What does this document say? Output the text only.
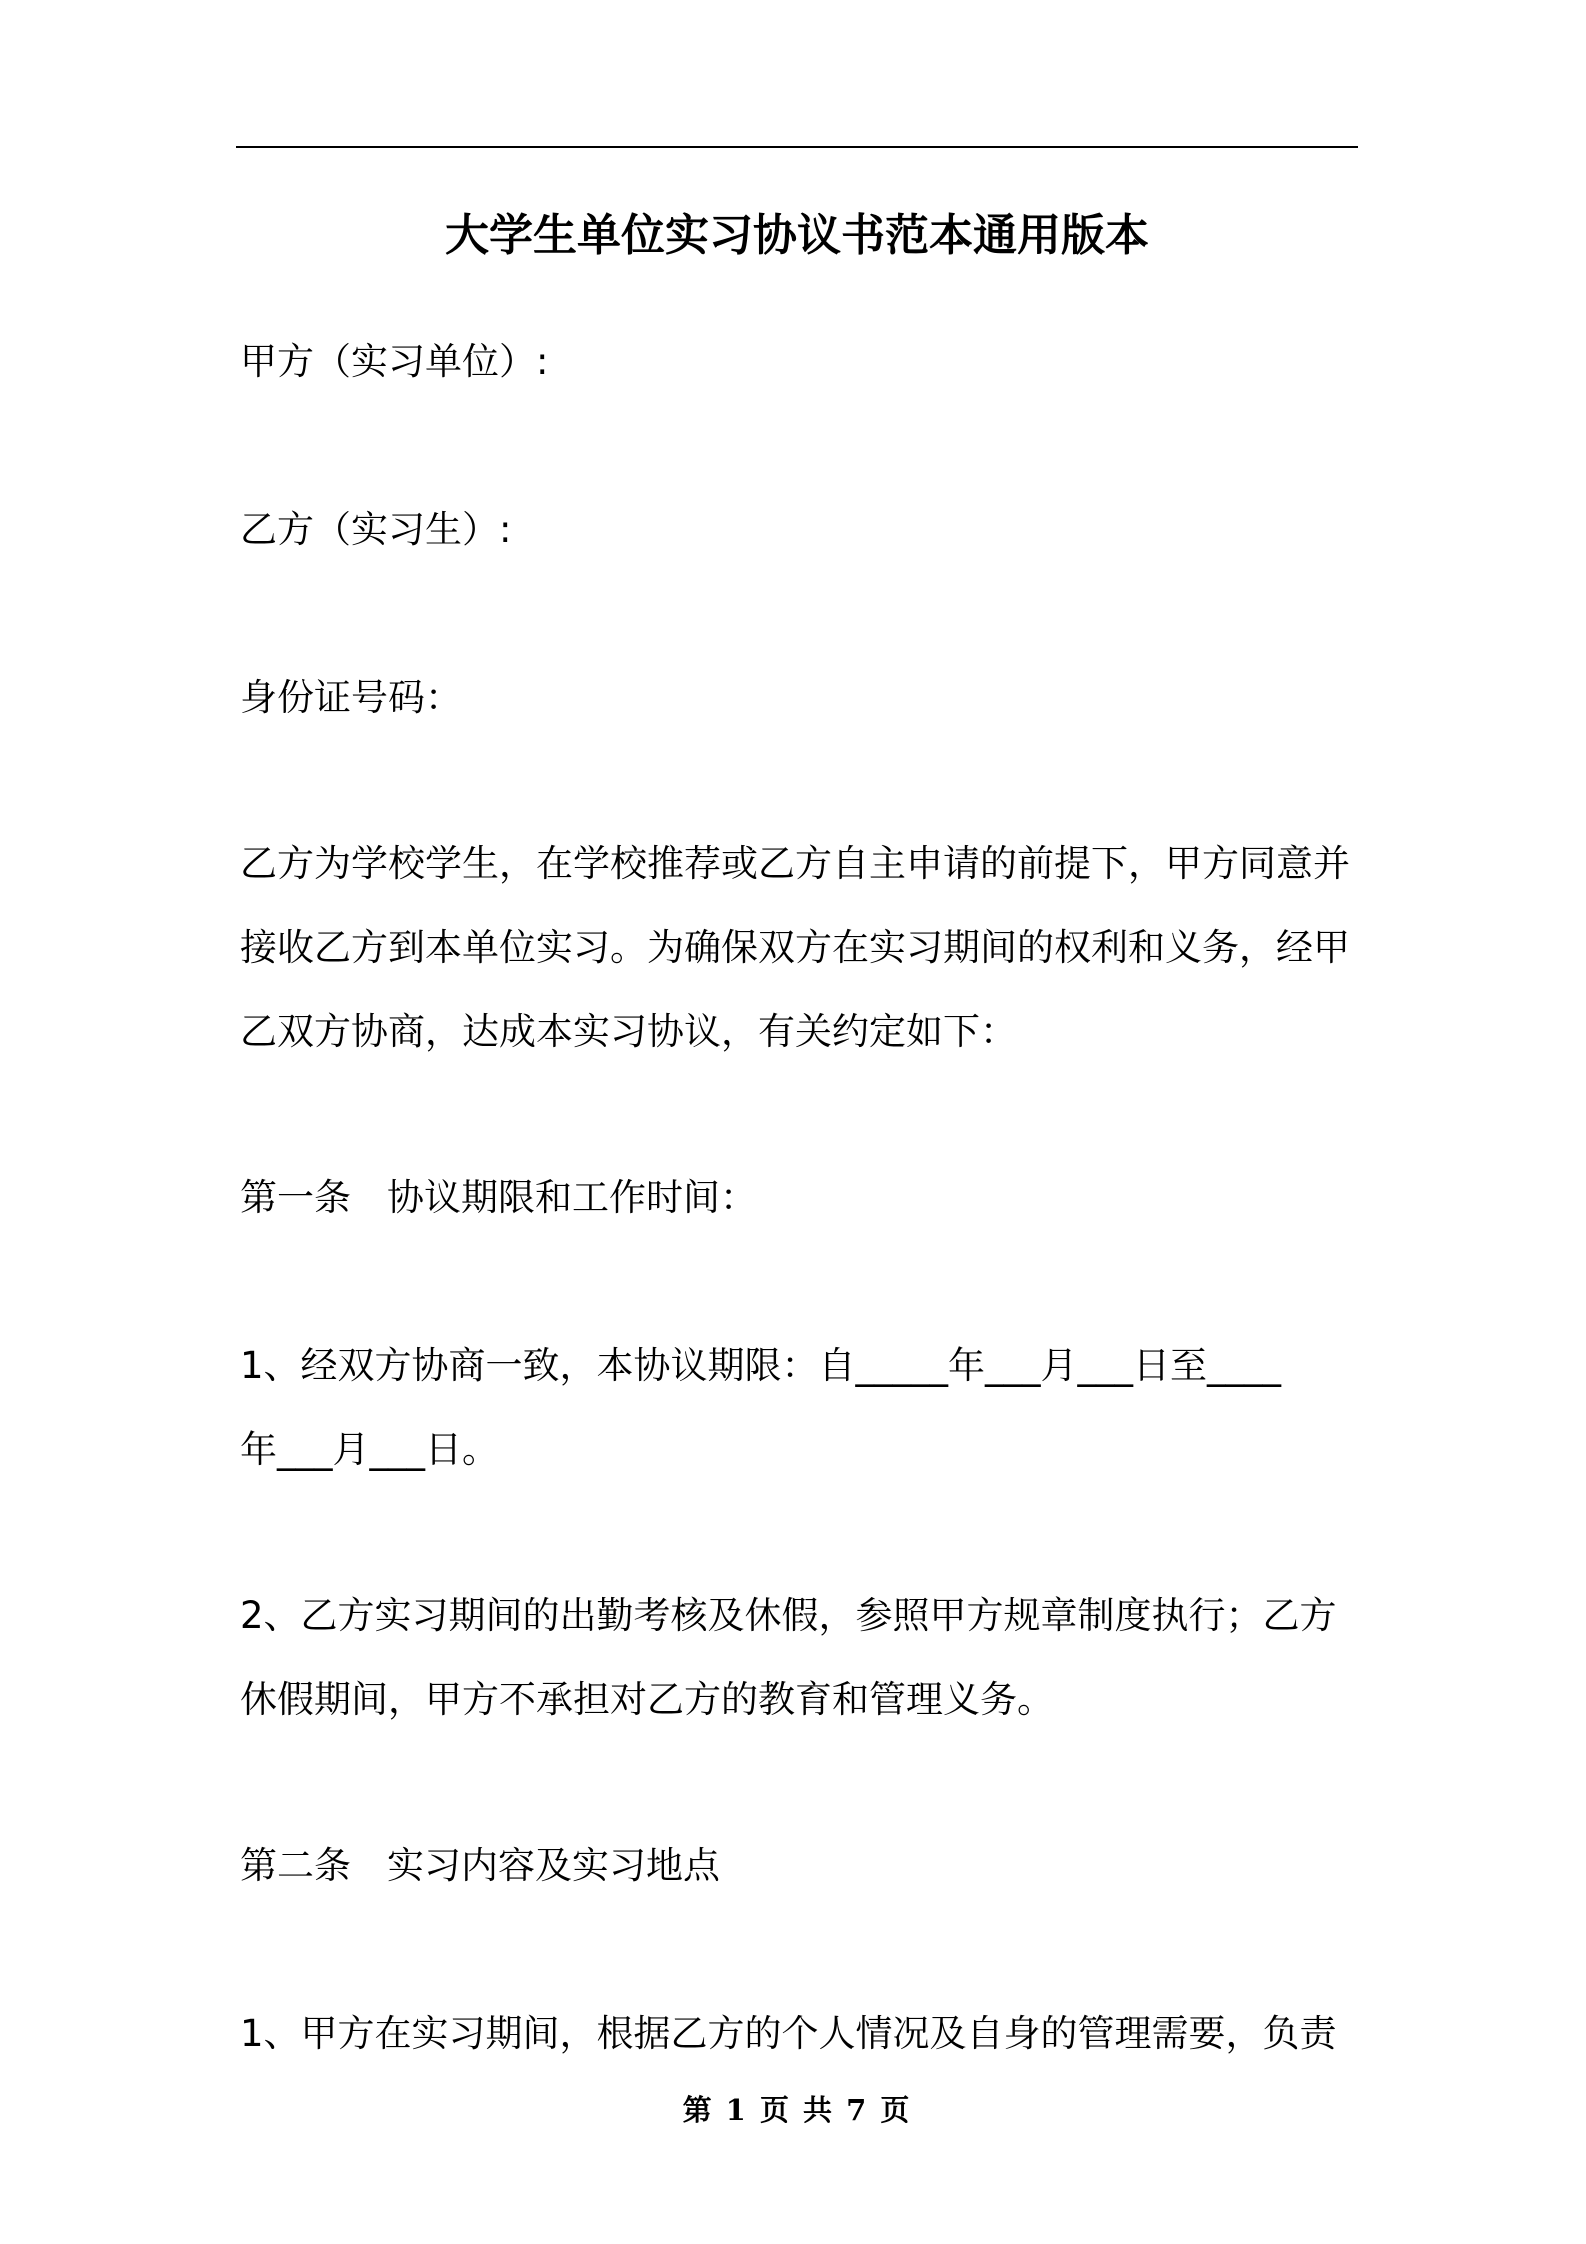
大学生单位实习协议书范本通用版本
甲方（实习单位）:
乙方（实习生）:
身份证号码：
乙方为学校学生，在学校推荐或乙方自主申请的前提下，甲方同意并
接收乙方到本单位实习。为确保双方在实习期间的权利和义务，经甲
乙双方协商，达成本实习协议，有关约定如下：
第一条 协议期限和工作时间：
1、经双方协商一致，本协议期限：自_____年___月___日至____
年___月___日。
2、乙方实习期间的出勤考核及休假，参照甲方规章制度执行；乙方
休假期间，甲方不承担对乙方的教育和管理义务。
第二条 实习内容及实习地点
1、甲方在实习期间，根据乙方的个人情况及自身的管理需要，负责
第 1 页 共 7 页
